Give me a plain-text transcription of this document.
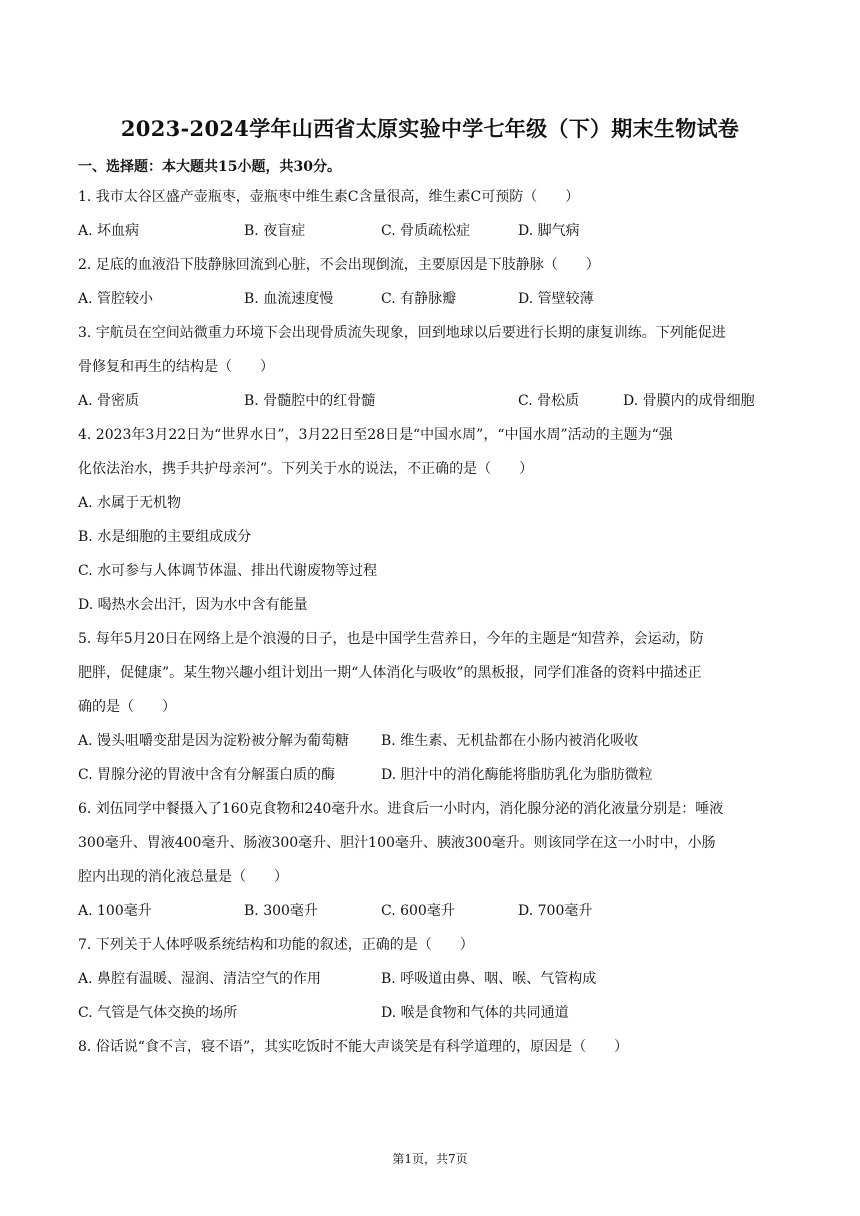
2023-2024学年山西省太原实验中学七年级（下）期末生物试卷
一、选择题：本大题共15小题，共30分。
1. 我市太谷区盛产壶瓶枣，壶瓶枣中维生素C含量很高，维生素C可预防（　　）
A. 坏血病	B. 夜盲症	C. 骨质疏松症	D. 脚气病
2. 足底的血液沿下肢静脉回流到心脏，不会出现倒流，主要原因是下肢静脉（　　）
A. 管腔较小	B. 血流速度慢	C. 有静脉瓣	D. 管壁较薄
3. 宇航员在空间站微重力环境下会出现骨质流失现象，回到地球以后要进行长期的康复训练。下列能促进
骨修复和再生的结构是（　　）
A. 骨密质	B. 骨髓腔中的红骨髓	C. 骨松质	D. 骨膜内的成骨细胞
4. 2023年3月22日为“世界水日”，3月22日至28日是“中国水周”，“中国水周”活动的主题为“强
化依法治水，携手共护母亲河”。下列关于水的说法，不正确的是（　　）
A. 水属于无机物
B. 水是细胞的主要组成成分
C. 水可参与人体调节体温、排出代谢废物等过程
D. 喝热水会出汗，因为水中含有能量
5. 每年5月20日在网络上是个浪漫的日子，也是中国学生营养日，今年的主题是“知营养，会运动，防
肥胖，促健康”。某生物兴趣小组计划出一期“人体消化与吸收”的黑板报，同学们准备的资料中描述正
确的是（　　）
A. 馒头咀嚼变甜是因为淀粉被分解为葡萄糖 B. 维生素、无机盐都在小肠内被消化吸收
C. 胃腺分泌的胃液中含有分解蛋白质的酶	D. 胆汁中的消化酶能将脂肪乳化为脂肪微粒
6. 刘伍同学中餐摄入了160克食物和240毫升水。进食后一小时内，消化腺分泌的消化液量分别是：唾液
300毫升、胃液400毫升、肠液300毫升、胆汁100毫升、胰液300毫升。则该同学在这一小时中，小肠
腔内出现的消化液总量是（　　）
A. 100毫升	B. 300毫升	C. 600毫升	D. 700毫升
7. 下列关于人体呼吸系统结构和功能的叙述，正确的是（　　）
A. 鼻腔有温暖、湿润、清洁空气的作用	B. 呼吸道由鼻、咽、喉、气管构成
C. 气管是气体交换的场所	D. 喉是食物和气体的共同通道
8. 俗话说“食不言，寝不语”，其实吃饭时不能大声谈笑是有科学道理的，原因是（　　）
第1页，共7页
